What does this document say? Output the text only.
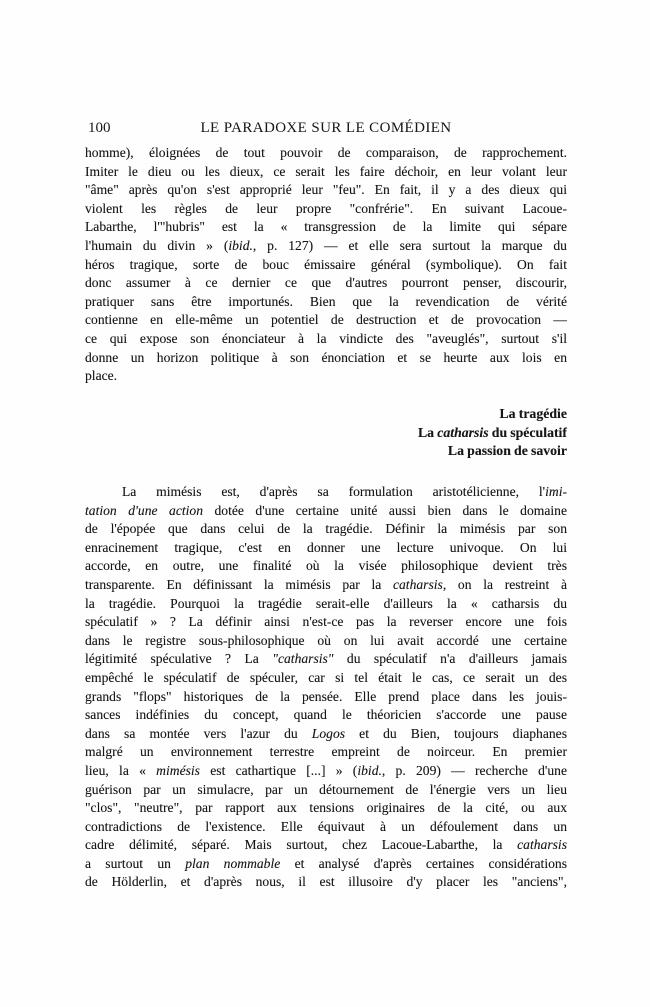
100	LE PARADOXE SUR LE COMÉDIEN
homme), éloignées de tout pouvoir de comparaison, de rapprochement.
Imiter le dieu ou les dieux, ce serait les faire déchoir, en leur volant leur
"âme" après qu'on s'est approprié leur "feu". En fait, il y a des dieux qui
violent les règles de leur propre "confrérie". En suivant Lacoue-
Labarthe, l'"hubris" est la « transgression de la limite qui sépare
l'humain du divin » (ibid., p. 127) — et elle sera surtout la marque du
héros tragique, sorte de bouc émissaire général (symbolique). On fait
donc assumer à ce dernier ce que d'autres pourront penser, discourir,
pratiquer sans être importunés. Bien que la revendication de vérité
contienne en elle-même un potentiel de destruction et de provocation —
ce qui expose son énonciateur à la vindicte des "aveuglés", surtout s'il
donne un horizon politique à son énonciation et se heurte aux lois en
place.
La tragédie
La catharsis du spéculatif
La passion de savoir
La mimésis est, d'après sa formulation aristotélicienne, l'imi-
tation d'une action dotée d'une certaine unité aussi bien dans le domaine
de l'épopée que dans celui de la tragédie. Définir la mimésis par son
enracinement tragique, c'est en donner une lecture univoque. On lui
accorde, en outre, une finalité où la visée philosophique devient très
transparente. En définissant la mimésis par la catharsis, on la restreint à
la tragédie. Pourquoi la tragédie serait-elle d'ailleurs la « catharsis du
spéculatif » ? La définir ainsi n'est-ce pas la reverser encore une fois
dans le registre sous-philosophique où on lui avait accordé une certaine
légitimité spéculative ? La "catharsis" du spéculatif n'a d'ailleurs jamais
empêché le spéculatif de spéculer, car si tel était le cas, ce serait un des
grands "flops" historiques de la pensée. Elle prend place dans les jouis-
sances indéfinies du concept, quand le théoricien s'accorde une pause
dans sa montée vers l'azur du Logos et du Bien, toujours diaphanes
malgré un environnement terrestre empreint de noirceur. En premier
lieu, la « mimésis est cathartique [...] » (ibid., p. 209) — recherche d'une
guérison par un simulacre, par un détournement de l'énergie vers un lieu
"clos", "neutre", par rapport aux tensions originaires de la cité, ou aux
contradictions de l'existence. Elle équivaut à un défoulement dans un
cadre délimité, séparé. Mais surtout, chez Lacoue-Labarthe, la catharsis
a surtout un plan nommable et analysé d'après certaines considérations
de Hölderlin, et d'après nous, il est illusoire d'y placer les "anciens",
